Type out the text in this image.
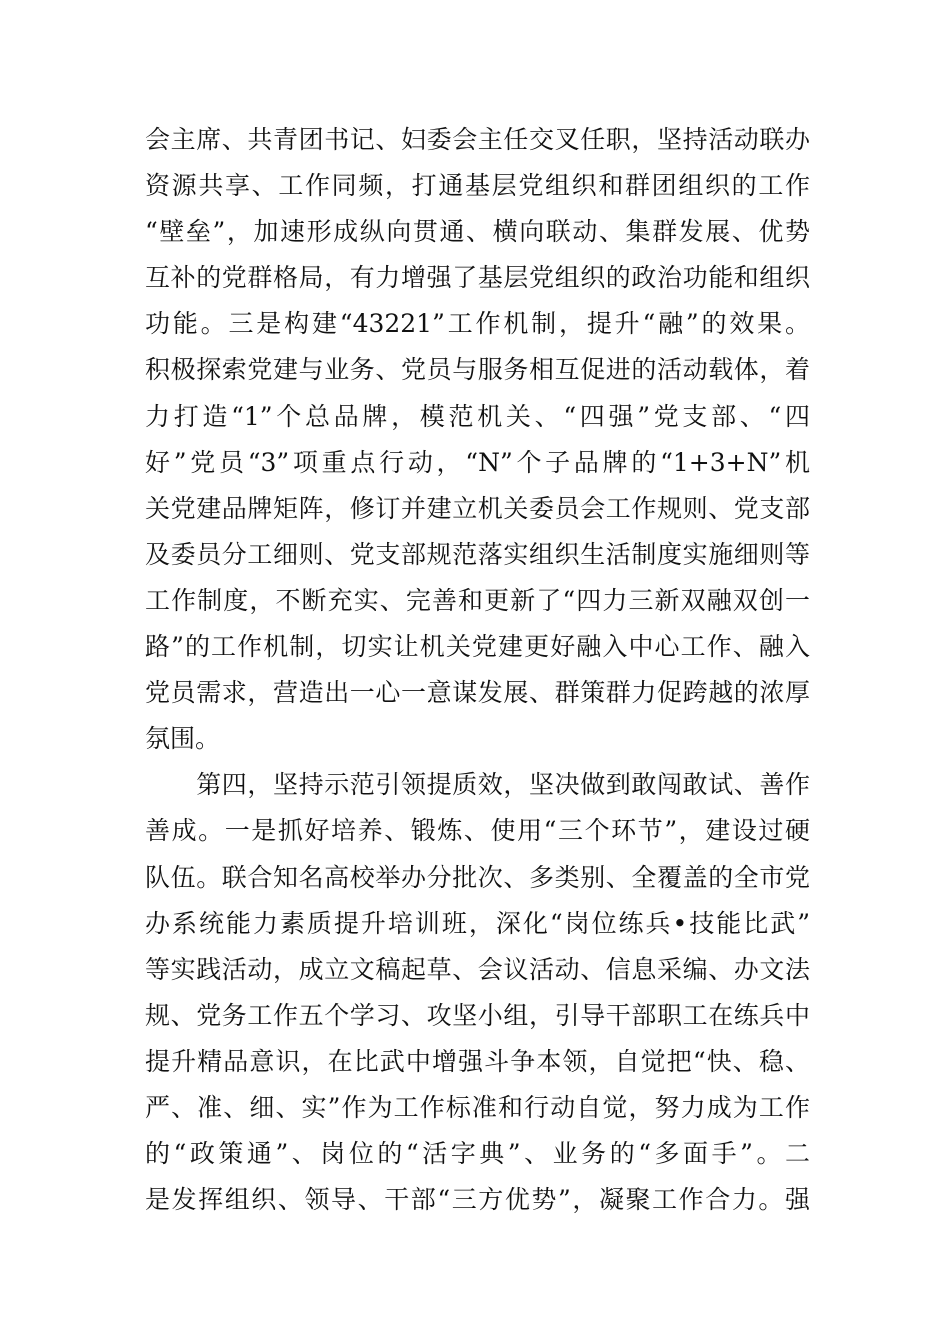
会主席、共青团书记、妇委会主任交叉任职，坚持活动联办
资源共享、工作同频，打通基层党组织和群团组织的工作
“壁垒”，加速形成纵向贯通、横向联动、集群发展、优势
互补的党群格局，有力增强了基层党组织的政治功能和组织
功能。三是构建“43221”工作机制，提升“融”的效果。
积极探索党建与业务、党员与服务相互促进的活动载体，着
力打造“1”个总品牌，模范机关、“四强”党支部、“四
好”党员“3”项重点行动，“N”个子品牌的“1+3+N”机
关党建品牌矩阵，修订并建立机关委员会工作规则、党支部
及委员分工细则、党支部规范落实组织生活制度实施细则等
工作制度，不断充实、完善和更新了“四力三新双融双创一
路”的工作机制，切实让机关党建更好融入中心工作、融入
党员需求，营造出一心一意谋发展、群策群力促跨越的浓厚
氛围。
　　第四，坚持示范引领提质效，坚决做到敢闯敢试、善作
善成。一是抓好培养、锻炼、使用“三个环节”，建设过硬
队伍。联合知名高校举办分批次、多类别、全覆盖的全市党
办系统能力素质提升培训班，深化“岗位练兵•技能比武”
等实践活动，成立文稿起草、会议活动、信息采编、办文法
规、党务工作五个学习、攻坚小组，引导干部职工在练兵中
提升精品意识，在比武中增强斗争本领，自觉把“快、稳、
严、准、细、实”作为工作标准和行动自觉，努力成为工作
的“政策通”、岗位的“活字典”、业务的“多面手”。二
是发挥组织、领导、干部“三方优势”，凝聚工作合力。强
